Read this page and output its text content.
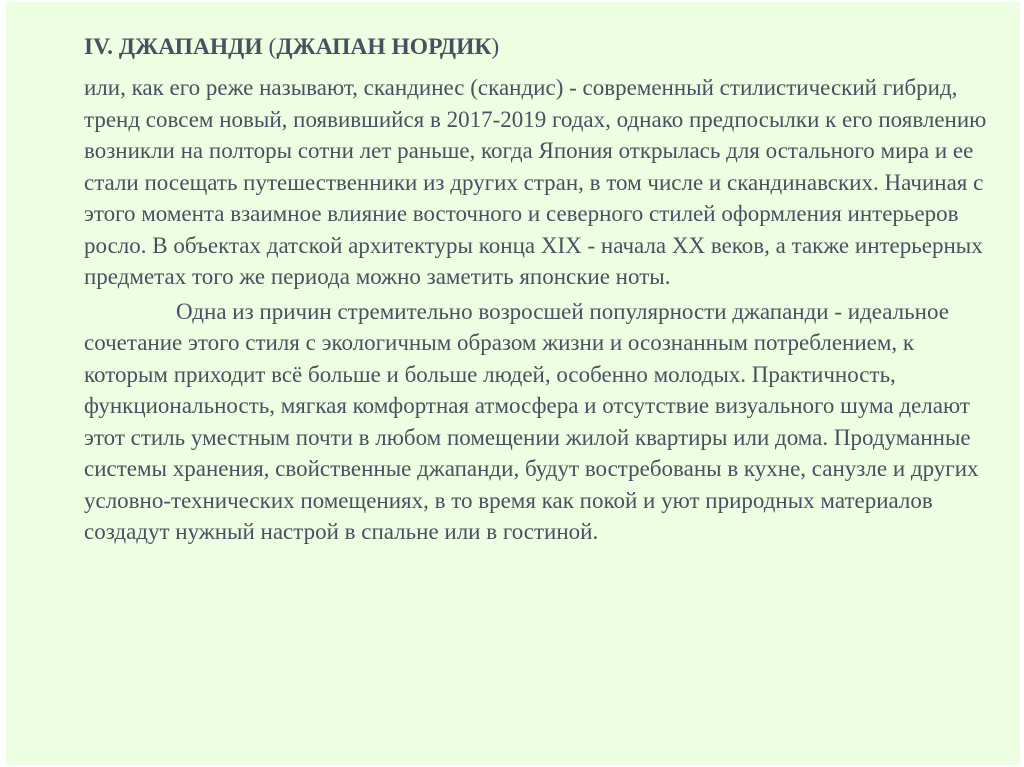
IV. ДЖАПАНДИ (ДЖАПАН НОРДИК)

или, как его реже называют, скандинес (скандис) - современный стилистический гибрид, тренд совсем новый, появившийся в 2017-2019 годах, однако предпосылки к его появлению возникли на полторы сотни лет раньше, когда Япония открылась для остального мира и ее стали посещать путешественники из других стран, в том числе и скандинавских. Начиная с этого момента взаимное влияние восточного и северного стилей оформления интерьеров росло. В объектах датской архитектуры конца XIX - начала XX веков, а также интерьерных предметах того же периода можно заметить японские ноты.

Одна из причин стремительно возросшей популярности джапанди - идеальное сочетание этого стиля с экологичным образом жизни и осознанным потреблением, к которым приходит всё больше и больше людей, особенно молодых. Практичность, функциональность, мягкая комфортная атмосфера и отсутствие визуального шума делают этот стиль уместным почти в любом помещении жилой квартиры или дома. Продуманные системы хранения, свойственные джапанди, будут востребованы в кухне, санузле и других условно-технических помещениях, в то время как покой и уют природных материалов создадут нужный настрой в спальне или в гостиной.
